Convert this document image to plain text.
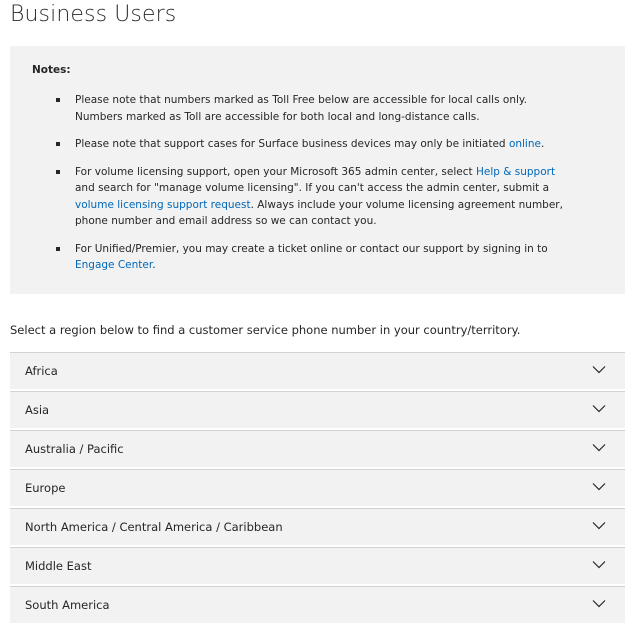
Business Users
Notes:
Please note that numbers marked as Toll Free below are accessible for local calls only. Numbers marked as Toll are accessible for both local and long-distance calls.
Please note that support cases for Surface business devices may only be initiated online.
For volume licensing support, open your Microsoft 365 admin center, select Help & support and search for "manage volume licensing". If you can't access the admin center, submit a volume licensing support request. Always include your volume licensing agreement number, phone number and email address so we can contact you.
For Unified/Premier, you may create a ticket online or contact our support by signing in to Engage Center.

Select a region below to find a customer service phone number in your country/territory.

Africa
Asia
Australia / Pacific
Europe
North America / Central America / Caribbean
Middle East
South America
